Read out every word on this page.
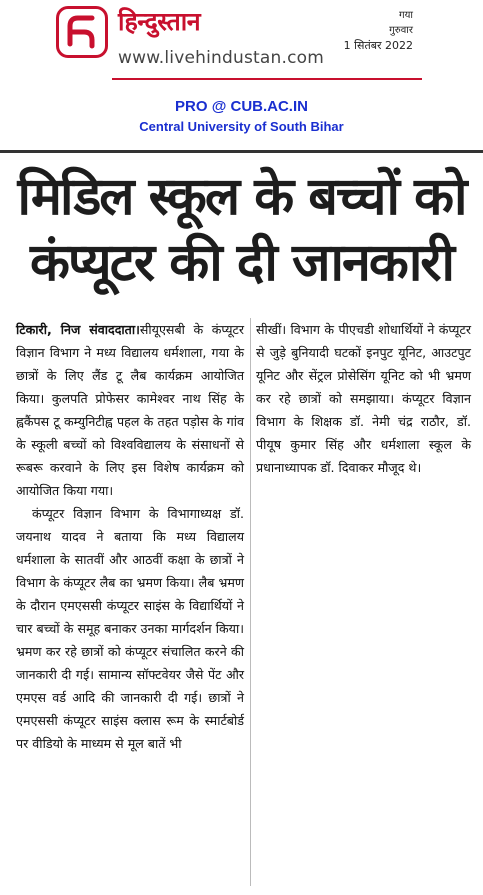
हिन्दुस्तान
www.livehindustan.com
गया
गुरुवार
1 सितंबर 2022
PRO @ CUB.AC.IN
Central University of South Bihar
मिडिल स्कूल के बच्चों को
कंप्यूटर की दी जानकारी

टिकारी, निज संवाददाता।सीयूएसबी के कंप्यूटर विज्ञान विभाग ने मध्य विद्यालय धर्मशाला, गया के छात्रों के लिए लैंड टू लैब कार्यक्रम आयोजित किया। कुलपति प्रोफेसर कामेश्वर नाथ सिंह के ह्वकैंपस टू कम्युनिटीह्व पहल के तहत पड़ोस के गांव के स्कूली बच्चों को विश्वविद्यालय के संसाधनों से रूबरू करवाने के लिए इस विशेष कार्यक्रम को आयोजित किया गया।

कंप्यूटर विज्ञान विभाग के विभागाध्यक्ष डॉ. जयनाथ यादव ने बताया कि मध्य विद्यालय धर्मशाला के सातवीं और आठवीं कक्षा के छात्रों ने विभाग के कंप्यूटर लैब का भ्रमण किया। लैब भ्रमण के दौरान एमएससी कंप्यूटर साइंस के विद्यार्थियों ने चार बच्चों के समूह बनाकर उनका मार्गदर्शन किया। भ्रमण कर रहे छात्रों को कंप्यूटर संचालित करने की जानकारी दी गई। सामान्य सॉफ्टवेयर जैसे पेंट और एमएस वर्ड आदि की जानकारी दी गई। छात्रों ने एमएससी कंप्यूटर साइंस क्लास रूम के स्मार्टबोर्ड पर वीडियो के माध्यम से मूल बातें भी

सीखीं। विभाग के पीएचडी शोधार्थियों ने कंप्यूटर से जुड़े बुनियादी घटकों इनपुट यूनिट, आउटपुट यूनिट और सेंट्रल प्रोसेसिंग यूनिट को भी भ्रमण कर रहे छात्रों को समझाया। कंप्यूटर विज्ञान विभाग के शिक्षक डॉ. नेमी चंद्र राठौर, डॉ. पीयूष कुमार सिंह और धर्मशाला स्कूल के प्रधानाध्यापक डॉ. दिवाकर मौजूद थे।
